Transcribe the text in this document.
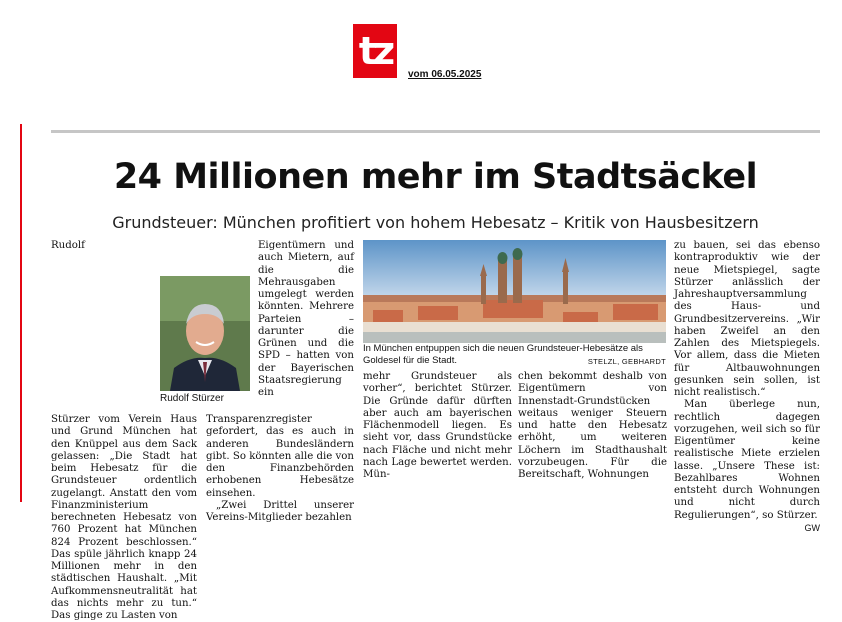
tz
vom 06.05.2025
24 Millionen mehr im Stadtsäckel
Grundsteuer: München profitiert von hohem Hebesatz – Kritik von Hausbesitzern

Rudolf Stürzer vom Verein Haus und Grund München hat den Knüppel aus dem Sack gelassen: „Die Stadt hat beim Hebesatz für die Grundsteuer ordentlich zugelangt. Anstatt den vom Finanzministerium berechneten Hebesatz von 760 Prozent hat München 824 Prozent beschlossen.“ Das spüle jährlich knapp 24 Millionen mehr in den städtischen Haushalt. „Mit Aufkommensneutralität hat das nichts mehr zu tun.“ Das ginge zu Lasten von

Eigentümern und auch Mietern, auf die die Mehrausgaben umgelegt werden könnten. Mehrere Parteien – darunter die Grünen und die SPD – hatten von der Bayerischen Staatsregierung ein Transparenzregister gefordert, das es auch in anderen Bundesländern gibt. So könnten alle die von den Finanzbehörden erhobenen Hebesätze einsehen.

„Zwei Drittel unserer Vereins-Mitglieder bezahlen

Rudolf Stürzer
In München entpuppen sich die neuen Grundsteuer-Hebesätze als Goldesel für die Stadt.	STELZL, GEBHARDT

mehr Grundsteuer als vorher“, berichtet Stürzer. Die Gründe dafür dürften aber auch am bayerischen Flächenmodell liegen. Es sieht vor, dass Grundstücke nach Fläche und nicht mehr nach Lage bewertet werden. Mün-

chen bekommt deshalb von Eigentümern von Innenstadt-Grundstücken weitaus weniger Steuern und hatte den Hebesatz erhöht, um weiteren Löchern im Stadthaushalt vorzubeugen. Für die Bereitschaft, Wohnungen

zu bauen, sei das ebenso kontraproduktiv wie der neue Mietspiegel, sagte Stürzer anlässlich der Jahreshauptversammlung des Haus- und Grundbesitzervereins. „Wir haben Zweifel an den Zahlen des Mietspiegels. Vor allem, dass die Mieten für Altbauwohnungen gesunken sein sollen, ist nicht realistisch.“

Man überlege nun, rechtlich dagegen vorzugehen, weil sich so für Eigentümer keine realistische Miete erzielen lasse. „Unsere These ist: Bezahlbares Wohnen entsteht durch Wohnungen und nicht durch Regulierungen“, so Stürzer.

GW
